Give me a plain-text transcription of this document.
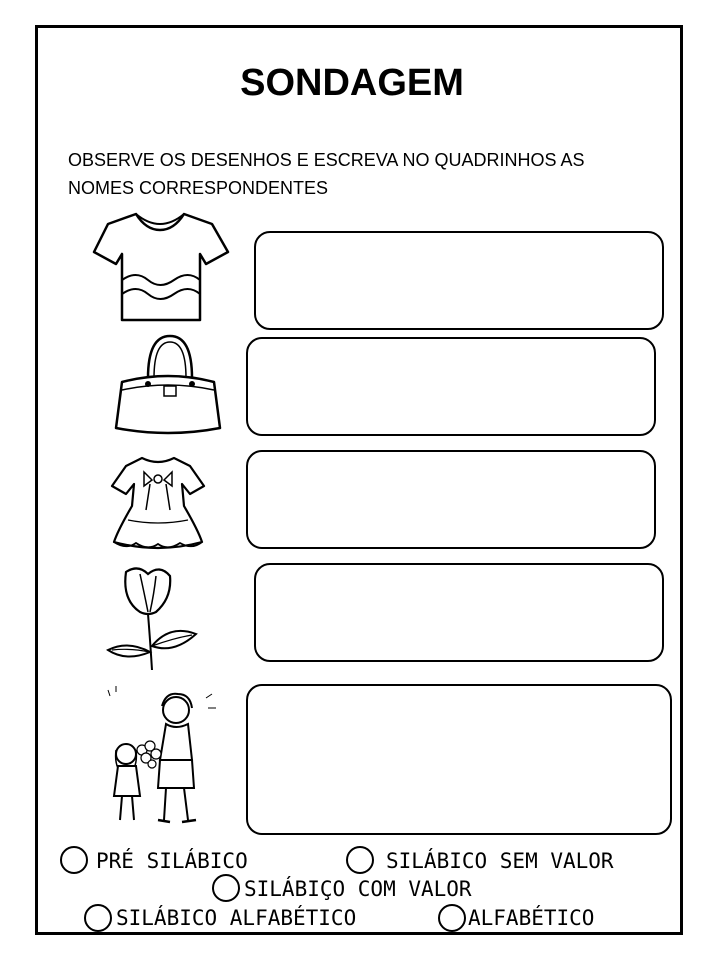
SONDAGEM
OBSERVE OS DESENHOS E ESCREVA NO QUADRINHOS AS
NOMES CORRESPONDENTES
PRÉ SILÁBICO	SILÁBICO SEM VALOR
SILÁBIÇO COM VALOR
SILÁBICO ALFABÉTICO	ALFABÉTICO
